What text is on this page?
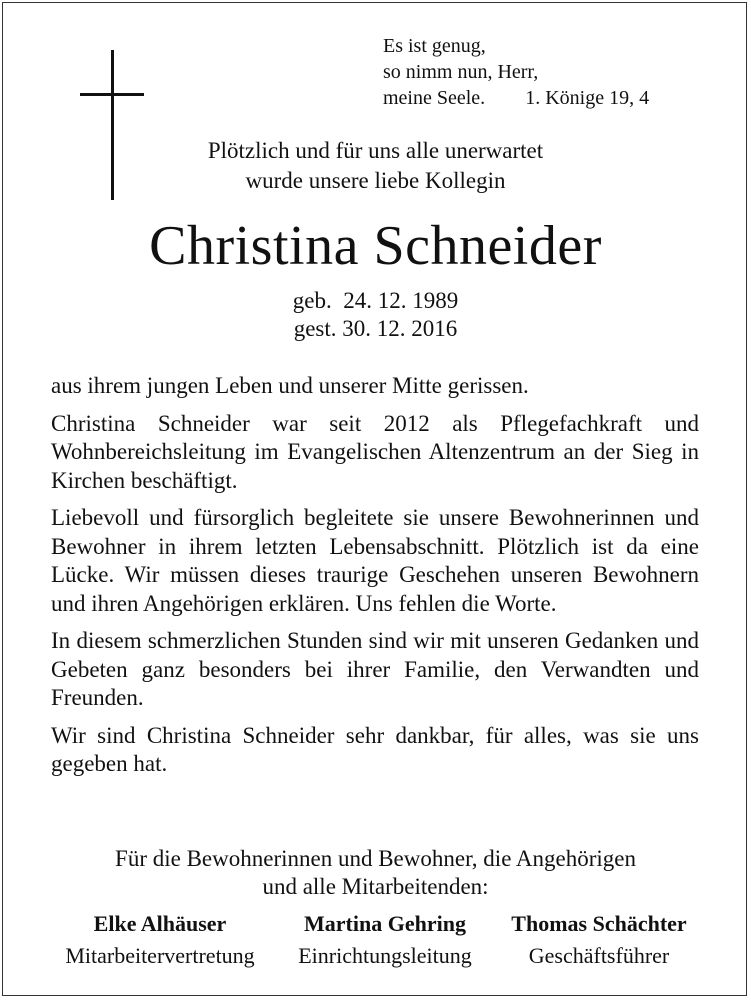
Es ist genug,
so nimm nun, Herr,
meine Seele. 1. Könige 19, 4
Plötzlich und für uns alle unerwartet
wurde unsere liebe Kollegin
Christina Schneider
geb.  24. 12. 1989
gest. 30. 12. 2016

aus ihrem jungen Leben und unserer Mitte gerissen.

Christina Schneider war seit 2012 als Pflegefachkraft und Wohnbereichsleitung im Evangelischen Altenzentrum an der Sieg in Kirchen beschäftigt.

Liebevoll und fürsorglich begleitete sie unsere Bewohnerinnen und Bewohner in ihrem letzten Lebensabschnitt. Plötzlich ist da eine Lücke. Wir müssen dieses traurige Geschehen unseren Bewohnern und ihren Angehörigen erklären. Uns fehlen die Worte.

In diesem schmerzlichen Stunden sind wir mit unseren Gedanken und Gebeten ganz besonders bei ihrer Familie, den Verwandten und Freunden.

Wir sind Christina Schneider sehr dankbar, für alles, was sie uns gegeben hat.

Für die Bewohnerinnen und Bewohner, die Angehörigen
und alle Mitarbeitenden:
Elke Alhäuser
Mitarbeitervertretung
Martina Gehring
Einrichtungsleitung
Thomas Schächter
Geschäftsführer
